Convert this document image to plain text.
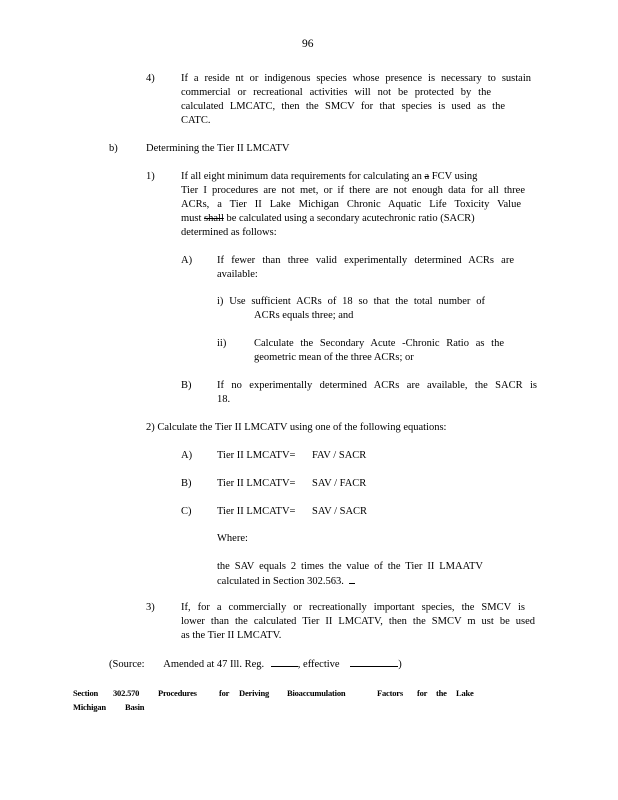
96
4)	If a reside nt or indigenous species whose presence is necessary to sustain
commercial or recreational activities will not be protected by the
calculated LMCATC, then the SMCV for that species is used as the
CATC.
b)	Determining the Tier II LMCATV
1)	If all eight minimum data requirements for calculating an a FCV using
Tier I procedures are not met, or if there are not enough data for all three
ACRs, a Tier II Lake Michigan Chronic Aquatic Life Toxicity Value
must shall be calculated using a secondary acutechronic ratio (SACR)
determined as follows:
A) If fewer than three valid experimentally determined ACRs are
available:
i) Use sufficient ACRs of 18 so that the total number of
ACRs equals three; and
ii)	Calculate the Secondary Acute -Chronic Ratio as the
geometric mean of the three ACRs; or
B) If no experimentally determined ACRs are available, the SACR is
18.
2) Calculate the Tier II LMCATV using one of the following equations:
A) Tier II LMCATV= FAV / SACR
B) Tier II LMCATV= SAV / FACR
C) Tier II LMCATV= SAV / SACR
Where:
the SAV equals 2 times the value of the Tier II LMAATV
calculated in Section 302.563.
3)	If, for a commercially or recreationally important species, the SMCV is
lower than the calculated Tier II LMCATV, then the SMCV m ust be used
as the Tier II LMCATV.
(Source: Amended at 47 Ill. Reg.	, effective	)
Section 302.570 Procedures	for Deriving Bioaccumulation	Factors for the Lake
Michigan Basin
